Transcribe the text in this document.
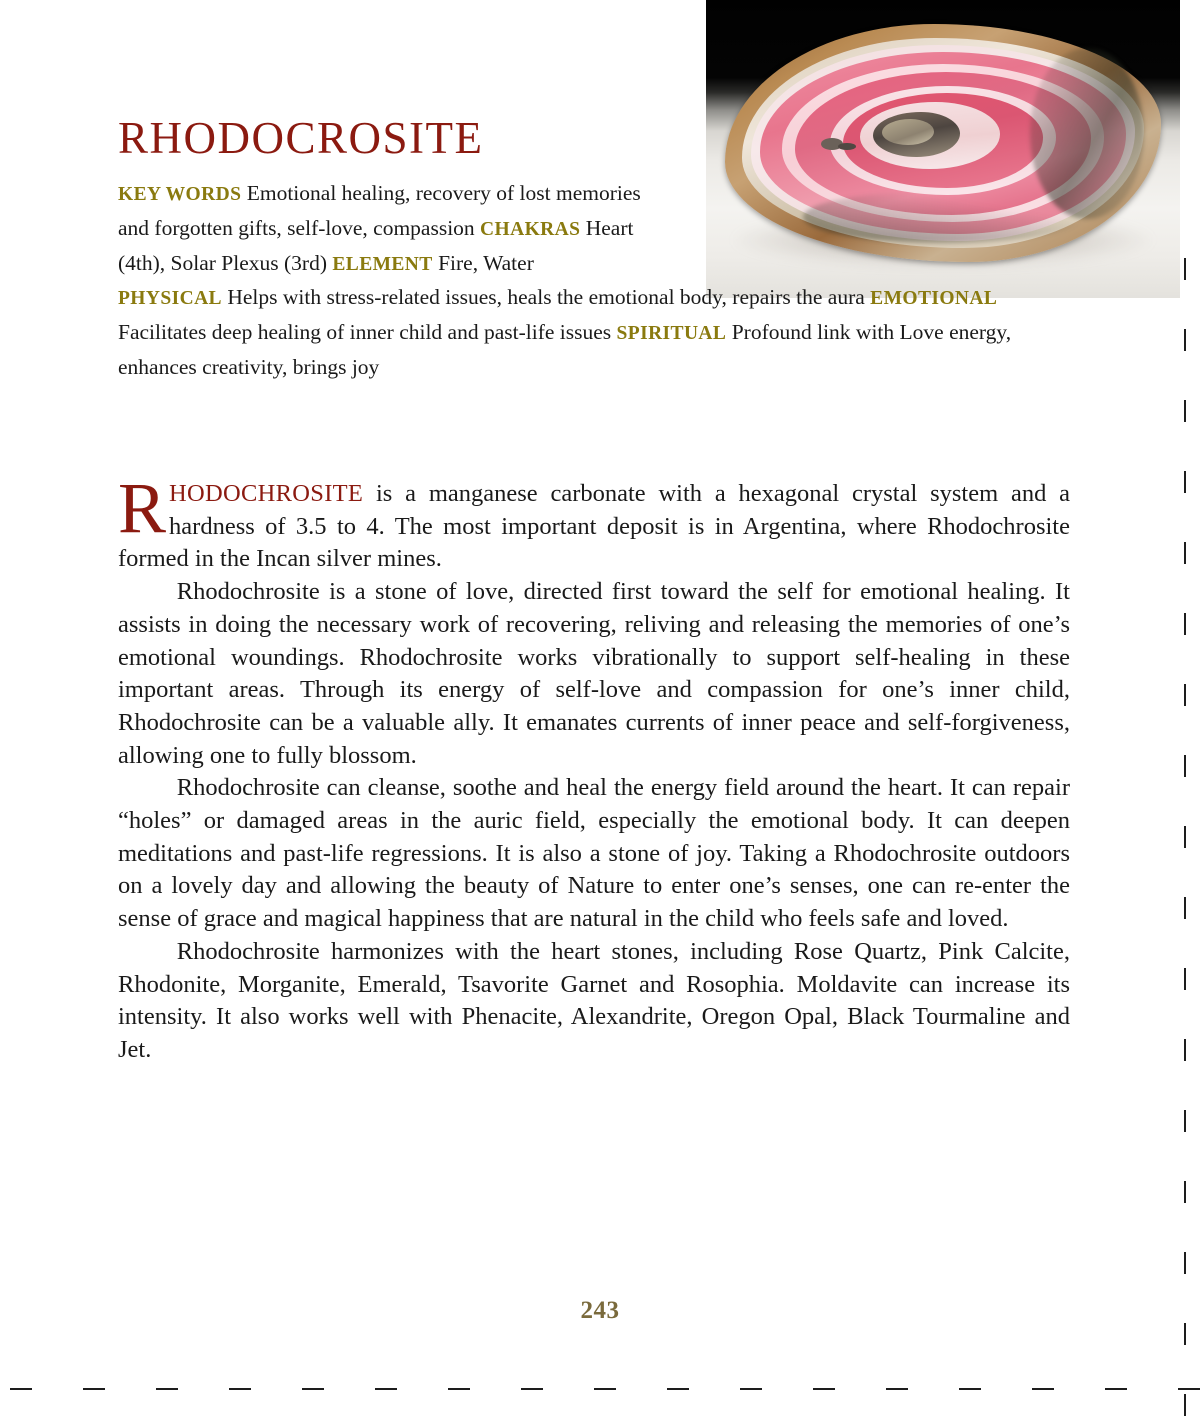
RHODOCROSITE
KEY WORDS Emotional healing, recovery of lost memories and forgotten gifts, self-love, compassion CHAKRAS Heart (4th), Solar Plexus (3rd) ELEMENT Fire, Water
PHYSICAL Helps with stress-related issues, heals the emotional body, repairs the aura EMOTIONAL Facilitates deep healing of inner child and past-life issues SPIRITUAL Profound link with Love energy, enhances creativity, brings joy

RHODOCHROSITE is a manganese carbonate with a hexagonal crystal system and a hardness of 3.5 to 4. The most important deposit is in Argentina, where Rhodochrosite formed in the Incan silver mines.

Rhodochrosite is a stone of love, directed first toward the self for emotional healing. It assists in doing the necessary work of recovering, reliving and releasing the memories of one’s emotional woundings. Rhodochrosite works vibrationally to support self-healing in these important areas. Through its energy of self-love and compassion for one’s inner child, Rhodochrosite can be a valuable ally. It emanates currents of inner peace and self-forgiveness, allowing one to fully blossom.

Rhodochrosite can cleanse, soothe and heal the energy field around the heart. It can repair “holes” or damaged areas in the auric field, especially the emotional body. It can deepen meditations and past-life regressions. It is also a stone of joy. Taking a Rhodochrosite outdoors on a lovely day and allowing the beauty of Nature to enter one’s senses, one can re-enter the sense of grace and magical happiness that are natural in the child who feels safe and loved.

Rhodochrosite harmonizes with the heart stones, including Rose Quartz, Pink Calcite, Rhodonite, Morganite, Emerald, Tsavorite Garnet and Rosophia. Moldavite can increase its intensity. It also works well with Phenacite, Alexandrite, Oregon Opal, Black Tourmaline and Jet.

243
